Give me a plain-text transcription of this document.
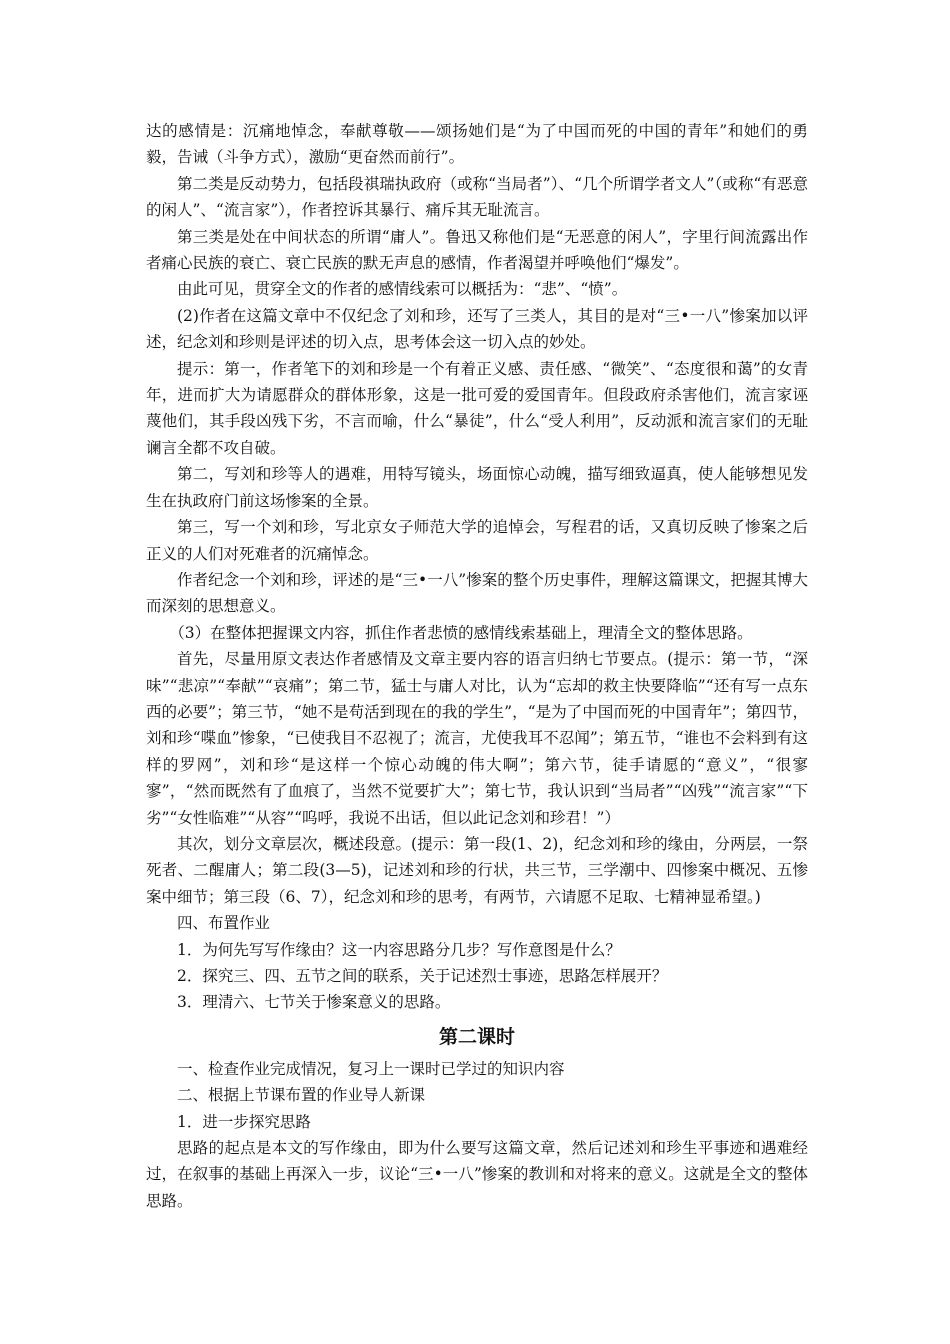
达的感情是：沉痛地悼念，奉献尊敬——颂扬她们是“为了中国而死的中国的青年”和她们的勇毅，告诫（斗争方式），激励“更奋然而前行”。

第二类是反动势力，包括段祺瑞执政府（或称“当局者”）、“几个所谓学者文人”（或称“有恶意的闲人”、“流言家”），作者控诉其暴行、痛斥其无耻流言。

第三类是处在中间状态的所谓“庸人”。鲁迅又称他们是“无恶意的闲人”，字里行间流露出作者痛心民族的衰亡、衰亡民族的默无声息的感情，作者渴望并呼唤他们“爆发”。

由此可见，贯穿全文的作者的感情线索可以概括为：“悲”、“愤”。

(2)作者在这篇文章中不仅纪念了刘和珍，还写了三类人，其目的是对“三•一八”惨案加以评述，纪念刘和珍则是评述的切入点，思考体会这一切入点的妙处。

提示：第一，作者笔下的刘和珍是一个有着正义感、责任感、“微笑”、“态度很和蔼”的女青年，进而扩大为请愿群众的群体形象，这是一批可爱的爱国青年。但段政府杀害他们，流言家诬蔑他们，其手段凶残下劣，不言而喻，什么“暴徒”，什么“受人利用”，反动派和流言家们的无耻谰言全都不攻自破。

第二，写刘和珍等人的遇难，用特写镜头，场面惊心动魄，描写细致逼真，使人能够想见发生在执政府门前这场惨案的全景。

第三，写一个刘和珍，写北京女子师范大学的追悼会，写程君的话，又真切反映了惨案之后正义的人们对死难者的沉痛悼念。

作者纪念一个刘和珍，评述的是“三•一八”惨案的整个历史事件，理解这篇课文，把握其博大而深刻的思想意义。

（3）在整体把握课文内容，抓住作者悲愤的感情线索基础上，理清全文的整体思路。

首先，尽量用原文表达作者感情及文章主要内容的语言归纳七节要点。(提示：第一节，“深味”“悲凉”“奉献”“哀痛”；第二节，猛士与庸人对比，认为“忘却的救主快要降临”“还有写一点东西的必要”；第三节，“她不是苟活到现在的我的学生”，“是为了中国而死的中国青年”；第四节，刘和珍“喋血”惨象，“已使我目不忍视了；流言，尤使我耳不忍闻”；第五节，“谁也不会料到有这样的罗网”，刘和珍“是这样一个惊心动魄的伟大啊”；第六节，徒手请愿的“意义”，“很寥寥”，“然而既然有了血痕了，当然不觉要扩大”；第七节，我认识到“当局者”“凶残”“流言家”“下劣”“女性临难”“从容”“呜呼，我说不出话，但以此记念刘和珍君！”）

其次，划分文章层次，概述段意。(提示：第一段(1、2)，纪念刘和珍的缘由，分两层，一祭死者、二醒庸人；第二段(3—5)，记述刘和珍的行状，共三节，三学潮中、四惨案中概况、五惨案中细节；第三段（6、7），纪念刘和珍的思考，有两节，六请愿不足取、七精神显希望。)

四、布置作业

1．为何先写写作缘由？这一内容思路分几步？写作意图是什么？

2．探究三、四、五节之间的联系，关于记述烈士事迹，思路怎样展开？

3．理清六、七节关于惨案意义的思路。

第二课时

一、检查作业完成情况，复习上一课时已学过的知识内容

二、根据上节课布置的作业导人新课

1．进一步探究思路

思路的起点是本文的写作缘由，即为什么要写这篇文章，然后记述刘和珍生平事迹和遇难经过，在叙事的基础上再深入一步，议论“三•一八”惨案的教训和对将来的意义。这就是全文的整体思路。
